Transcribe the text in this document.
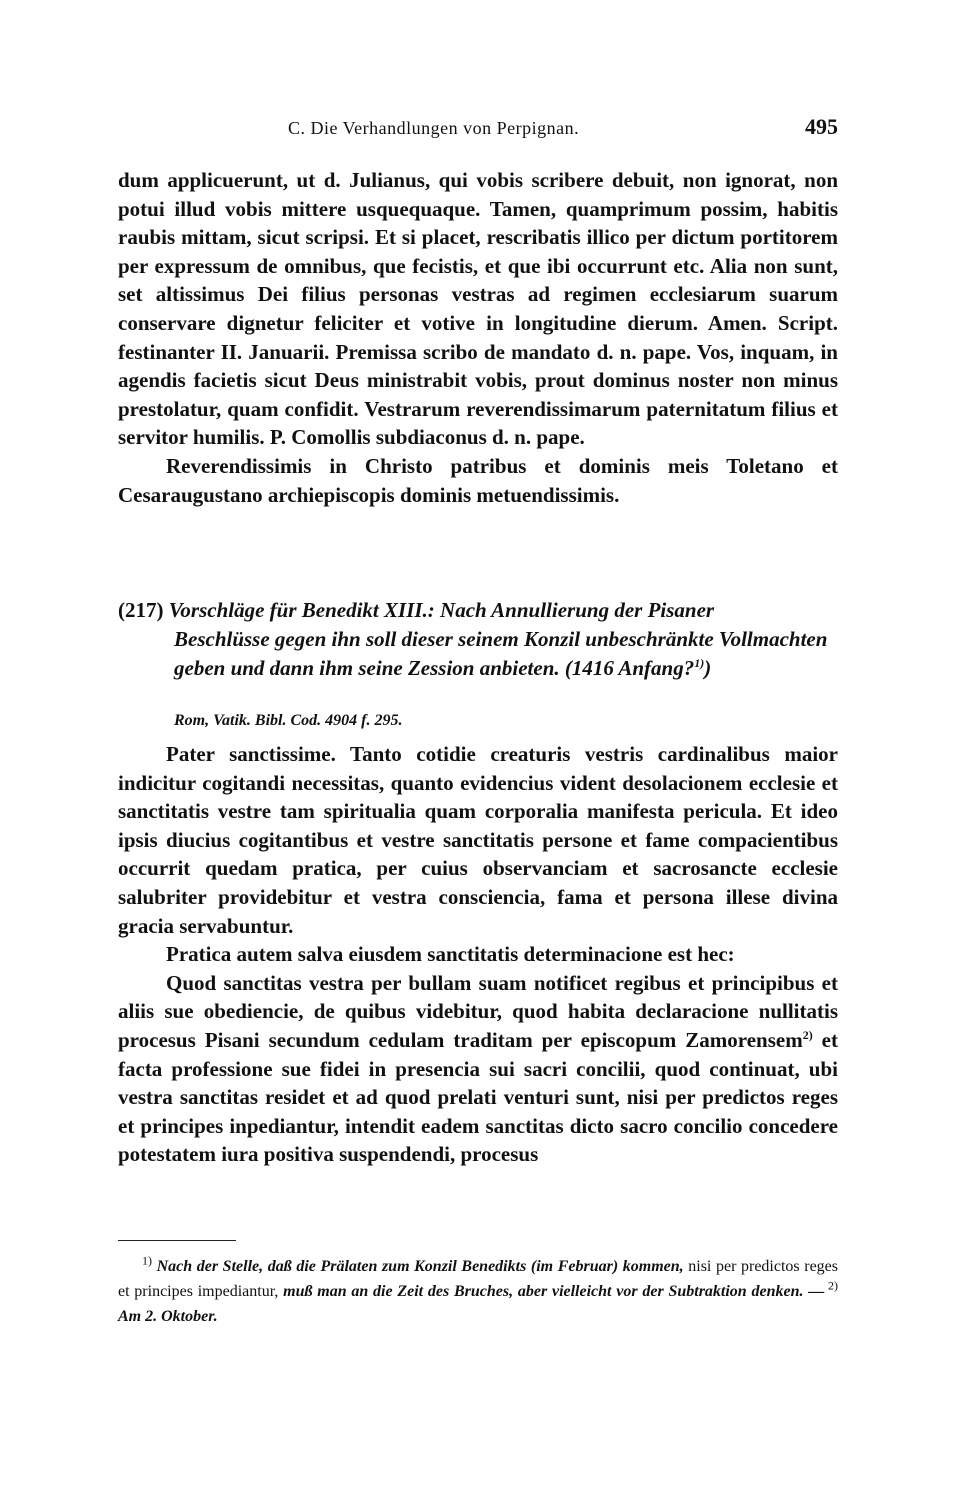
C. Die Verhandlungen von Perpignan.	495

dum applicuerunt, ut d. Julianus, qui vobis scribere debuit, non ignorat, non potui illud vobis mittere usquequaque. Tamen, quamprimum possim, habitis raubis mittam, sicut scripsi. Et si placet, rescribatis illico per dictum portitorem per expressum de omnibus, que fecistis, et que ibi occurrunt etc. Alia non sunt, set altissimus Dei filius personas vestras ad regimen ecclesiarum suarum conservare dignetur feliciter et votive in longitudine dierum. Amen. Script. festinanter II. Januarii. Premissa scribo de mandato d. n. pape. Vos, inquam, in agendis facietis sicut Deus ministrabit vobis, prout dominus noster non minus prestolatur, quam confidit. Vestrarum reverendissimarum paternitatum filius et servitor humilis. P. Comollis subdiaconus d. n. pape.

Reverendissimis in Christo patribus et dominis meis Toletano et Cesaraugustano archiepiscopis dominis metuendissimis.

(217) Vorschläge für Benedikt XIII.: Nach Annullierung der Pisaner
Beschlüsse gegen ihn soll dieser seinem Konzil unbeschränkte Vollmachten geben und dann ihm seine Zession anbieten. (1416 Anfang?$^{1)}$)
Rom, Vatik. Bibl. Cod. 4904 f. 295.

Pater sanctissime. Tanto cotidie creaturis vestris cardinalibus maior indicitur cogitandi necessitas, quanto evidencius vident desolacionem ecclesie et sanctitatis vestre tam spiritualia quam corporalia manifesta pericula. Et ideo ipsis diucius cogitantibus et vestre sanctitatis persone et fame compacientibus occurrit quedam pratica, per cuius observanciam et sacrosancte ecclesie salubriter providebitur et vestra consciencia, fama et persona illese divina gracia servabuntur.

Pratica autem salva eiusdem sanctitatis determinacione est hec:

Quod sanctitas vestra per bullam suam notificet regibus et principibus et aliis sue obediencie, de quibus videbitur, quod habita declaracione nullitatis procesus Pisani secundum cedulam traditam per episcopum Zamorensem$^{2)}$ et facta professione sue fidei in presencia sui sacri concilii, quod continuat, ubi vestra sanctitas residet et ad quod prelati venturi sunt, nisi per predictos reges et principes inpediantur, intendit eadem sanctitas dicto sacro concilio concedere potestatem iura positiva suspendendi, procesus

$^{1)}$ Nach der Stelle, daß die Prälaten zum Konzil Benedikts (im Februar) kommen, nisi per predictos reges et principes impediantur, muß man an die Zeit des Bruches, aber vielleicht vor der Subtraktion denken. — $^{2)}$ Am 2. Oktober.
